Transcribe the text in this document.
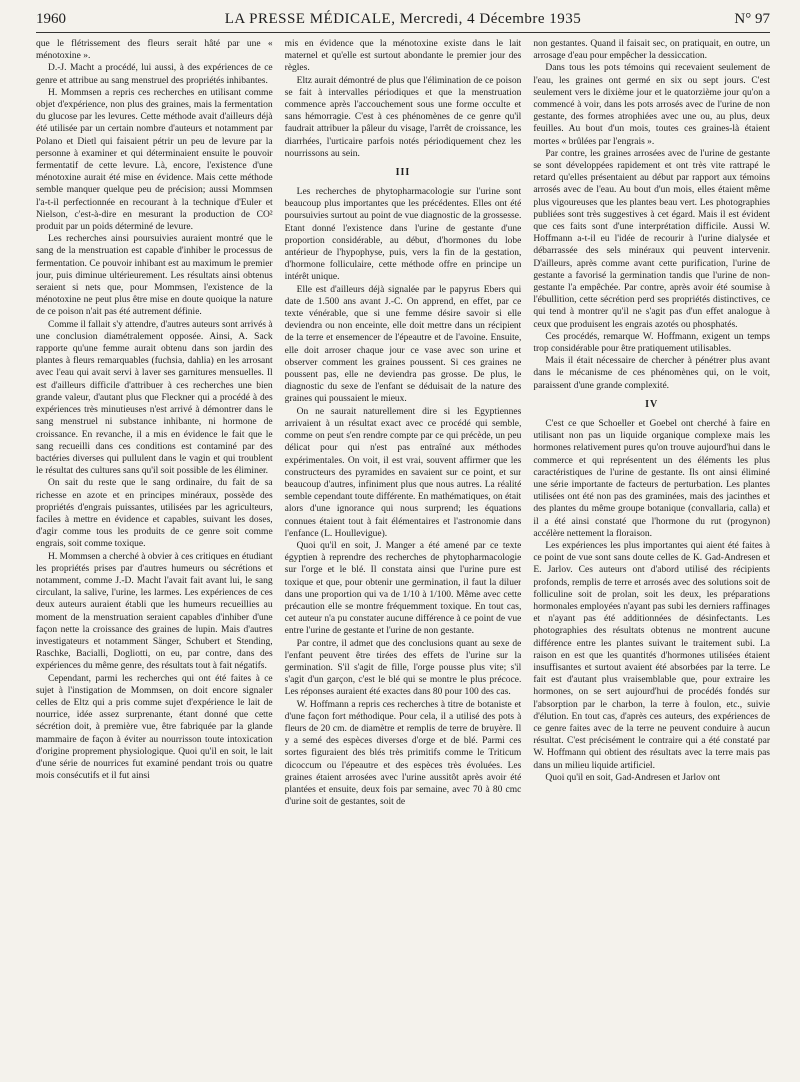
1960	LA PRESSE MÉDICALE, Mercredi, 4 Décembre 1935	N° 97

que le flétrissement des fleurs serait hâté par une « ménotoxine ».

D.-J. Macht a procédé, lui aussi, à des expériences de ce genre et attribue au sang menstruel des propriétés inhibantes.

H. Mommsen a repris ces recherches en utilisant comme objet d'expérience, non plus des graines, mais la fermentation du glucose par les levures. Cette méthode avait d'ailleurs déjà été utilisée par un certain nombre d'auteurs et notamment par Polano et Dietl qui faisaient pétrir un peu de levure par la personne à examiner et qui déterminaient ensuite le pouvoir fermentatif de cette levure. Là, encore, l'existence d'une ménotoxine aurait été mise en évidence. Mais cette méthode semble manquer quelque peu de précision; aussi Mommsen l'a-t-il perfectionnée en recourant à la technique d'Euler et Nielson, c'est-à-dire en mesurant la production de CO² produit par un poids déterminé de levure.

Les recherches ainsi poursuivies auraient montré que le sang de la menstruation est capable d'inhiber le processus de fermentation. Ce pouvoir inhibant est au maximum le premier jour, puis diminue ultérieurement. Les résultats ainsi obtenus seraient si nets que, pour Mommsen, l'existence de la ménotoxine ne peut plus être mise en doute quoique la nature de ce poison n'ait pas été autrement définie.

Comme il fallait s'y attendre, d'autres auteurs sont arrivés à une conclusion diamétralement opposée. Ainsi, A. Sack rapporte qu'une femme aurait obtenu dans son jardin des plantes à fleurs remarquables (fuchsia, dahlia) en les arrosant avec l'eau qui avait servi à laver ses garnitures mensuelles. Il est d'ailleurs difficile d'attribuer à ces recherches une bien grande valeur, d'autant plus que Fleckner qui a procédé à des expériences très minutieuses n'est arrivé à démontrer dans le sang menstruel ni substance inhibante, ni hormone de croissance. En revanche, il a mis en évidence le fait que le sang recueilli dans ces conditions est contaminé par des bactéries diverses qui pullulent dans le vagin et qui troublent le résultat des cultures sans qu'il soit possible de les éliminer.

On sait du reste que le sang ordinaire, du fait de sa richesse en azote et en principes minéraux, possède des propriétés d'engrais puissantes, utilisées par les agriculteurs, faciles à mettre en évidence et capables, suivant les doses, d'agir comme tous les produits de ce genre soit comme engrais, soit comme toxique.

H. Mommsen a cherché à obvier à ces critiques en étudiant les propriétés prises par d'autres humeurs ou sécrétions et notamment, comme J.-D. Macht l'avait fait avant lui, le sang circulant, la salive, l'urine, les larmes. Les expériences de ces deux auteurs auraient établi que les humeurs recueillies au moment de la menstruation seraient capables d'inhiber d'une façon nette la croissance des graines de lupin. Mais d'autres investigateurs et notamment Sänger, Schubert et Stending, Raschke, Bacialli, Dogliotti, on eu, par contre, dans des expériences du même genre, des résultats tout à fait négatifs.

Cependant, parmi les recherches qui ont été faites à ce sujet à l'instigation de Mommsen, on doit encore signaler celles de Eltz qui a pris comme sujet d'expérience le lait de nourrice, idée assez surprenante, étant donné que cette sécrétion doit, à première vue, être fabriquée par la glande mammaire de façon à éviter au nourrisson toute intoxication d'origine proprement physiologique. Quoi qu'il en soit, le lait d'une série de nourrices fut examiné pendant trois ou quatre mois consécutifs et il fut ainsi

mis en évidence que la ménotoxine existe dans le lait maternel et qu'elle est surtout abondante le premier jour des règles.

Eltz aurait démontré de plus que l'élimination de ce poison se fait à intervalles périodiques et que la menstruation commence après l'accouchement sous une forme occulte et sans hémorragie. C'est à ces phénomènes de ce genre qu'il faudrait attribuer la pâleur du visage, l'arrêt de croissance, les diarrhées, l'urticaire parfois notés périodiquement chez les nourrissons au sein.

III

Les recherches de phytopharmacologie sur l'urine sont beaucoup plus importantes que les précédentes. Elles ont été poursuivies surtout au point de vue diagnostic de la grossesse. Etant donné l'existence dans l'urine de gestante d'une proportion considérable, au début, d'hormones du lobe antérieur de l'hypophyse, puis, vers la fin de la gestation, d'hormone folliculaire, cette méthode offre en principe un intérêt unique.

Elle est d'ailleurs déjà signalée par le papyrus Ebers qui date de 1.500 ans avant J.-C. On apprend, en effet, par ce texte vénérable, que si une femme désire savoir si elle deviendra ou non enceinte, elle doit mettre dans un récipient de la terre et ensemencer de l'épeautre et de l'avoine. Ensuite, elle doit arroser chaque jour ce vase avec son urine et observer comment les graines poussent. Si ces graines ne poussent pas, elle ne deviendra pas grosse. De plus, le diagnostic du sexe de l'enfant se déduisait de la nature des graines qui poussaient le mieux.

On ne saurait naturellement dire si les Egyptiennes arrivaient à un résultat exact avec ce procédé qui semble, comme on peut s'en rendre compte par ce qui précède, un peu délicat pour qui n'est pas entraîné aux méthodes expérimentales. On voit, il est vrai, souvent affirmer que les constructeurs des pyramides en savaient sur ce point, et sur beaucoup d'autres, infiniment plus que nous autres. La réalité semble cependant toute différente. En mathématiques, on était alors d'une ignorance qui nous surprend; les équations connues étaient tout à fait élémentaires et l'astronomie dans l'enfance (L. Houllevigue).

Quoi qu'il en soit, J. Manger a été amené par ce texte égyptien à reprendre des recherches de phytopharmacologie sur l'orge et le blé. Il constata ainsi que l'urine pure est toxique et que, pour obtenir une germination, il faut la diluer dans une proportion qui va de 1/10 à 1/100. Même avec cette précaution elle se montre fréquemment toxique. En tout cas, cet auteur n'a pu constater aucune différence à ce point de vue entre l'urine de gestante et l'urine de non gestante.

Par contre, il admet que des conclusions quant au sexe de l'enfant peuvent être tirées des effets de l'urine sur la germination. S'il s'agit de fille, l'orge pousse plus vite; s'il s'agit d'un garçon, c'est le blé qui se montre le plus précoce. Les réponses auraient été exactes dans 80 pour 100 des cas.

W. Hoffmann a repris ces recherches à titre de botaniste et d'une façon fort méthodique. Pour cela, il a utilisé des pots à fleurs de 20 cm. de diamètre et remplis de terre de bruyère. Il y a semé des espèces diverses d'orge et de blé. Parmi ces sortes figuraient des blés très primitifs comme le Triticum dicoccum ou l'épeautre et des espèces très évoluées. Les graines étaient arrosées avec l'urine aussitôt après avoir été plantées et ensuite, deux fois par semaine, avec 70 à 80 cmc d'urine soit de gestantes, soit de

non gestantes. Quand il faisait sec, on pratiquait, en outre, un arrosage d'eau pour empêcher la dessiccation.

Dans tous les pots témoins qui recevaient seulement de l'eau, les graines ont germé en six ou sept jours. C'est seulement vers le dixième jour et le quatorzième jour qu'on a commencé à voir, dans les pots arrosés avec de l'urine de non gestante, des formes atrophiées avec une ou, au plus, deux feuilles. Au bout d'un mois, toutes ces graines-là étaient mortes « brûlées par l'engrais ».

Par contre, les graines arrosées avec de l'urine de gestante se sont développées rapidement et ont très vite rattrapé le retard qu'elles présentaient au début par rapport aux témoins arrosés avec de l'eau. Au bout d'un mois, elles étaient même plus vigoureuses que les plantes beau vert. Les photographies publiées sont très suggestives à cet égard. Mais il est évident que ces faits sont d'une interprétation difficile. Aussi W. Hoffmann a-t-il eu l'idée de recourir à l'urine dialysée et débarrassée des sels minéraux qui peuvent intervenir. D'ailleurs, après comme avant cette purification, l'urine de gestante a favorisé la germination tandis que l'urine de non-gestante l'a empêchée. Par contre, après avoir été soumise à l'ébullition, cette sécrétion perd ses propriétés distinctives, ce qui tend à montrer qu'il ne s'agit pas d'un effet analogue à ceux que produisent les engrais azotés ou phosphatés.

Ces procédés, remarque W. Hoffmann, exigent un temps trop considérable pour être pratiquement utilisables.

Mais il était nécessaire de chercher à pénétrer plus avant dans le mécanisme de ces phénomènes qui, on le voit, paraissent d'une grande complexité.

IV

C'est ce que Schoeller et Goebel ont cherché à faire en utilisant non pas un liquide organique complexe mais les hormones relativement pures qu'on trouve aujourd'hui dans le commerce et qui représentent un des éléments les plus caractéristiques de l'urine de gestante. Ils ont ainsi éliminé une série importante de facteurs de perturbation. Les plantes utilisées ont été non pas des graminées, mais des jacinthes et des plantes du même groupe botanique (convallaria, calla) et il a été ainsi constaté que l'hormone du rut (progynon) accélère nettement la floraison.

Les expériences les plus importantes qui aient été faites à ce point de vue sont sans doute celles de K. Gad-Andresen et E. Jarlov. Ces auteurs ont d'abord utilisé des récipients profonds, remplis de terre et arrosés avec des solutions soit de folliculine soit de prolan, soit les deux, les préparations hormonales employées n'ayant pas subi les derniers raffinages et n'ayant pas été additionnées de désinfectants. Les photographies des résultats obtenus ne montrent aucune différence entre les plantes suivant le traitement subi. La raison en est que les quantités d'hormones utilisées étaient insuffisantes et surtout avaient été absorbées par la terre. Le fait est d'autant plus vraisemblable que, pour extraire les hormones, on se sert aujourd'hui de procédés fondés sur l'absorption par le charbon, la terre à foulon, etc., suivie d'élution. En tout cas, d'après ces auteurs, des expériences de ce genre faites avec de la terre ne peuvent conduire à aucun résultat. C'est précisément le contraire qui a été constaté par W. Hoffmann qui obtient des résultats avec la terre mais pas dans un milieu liquide artificiel.

Quoi qu'il en soit, Gad-Andresen et Jarlov ont
